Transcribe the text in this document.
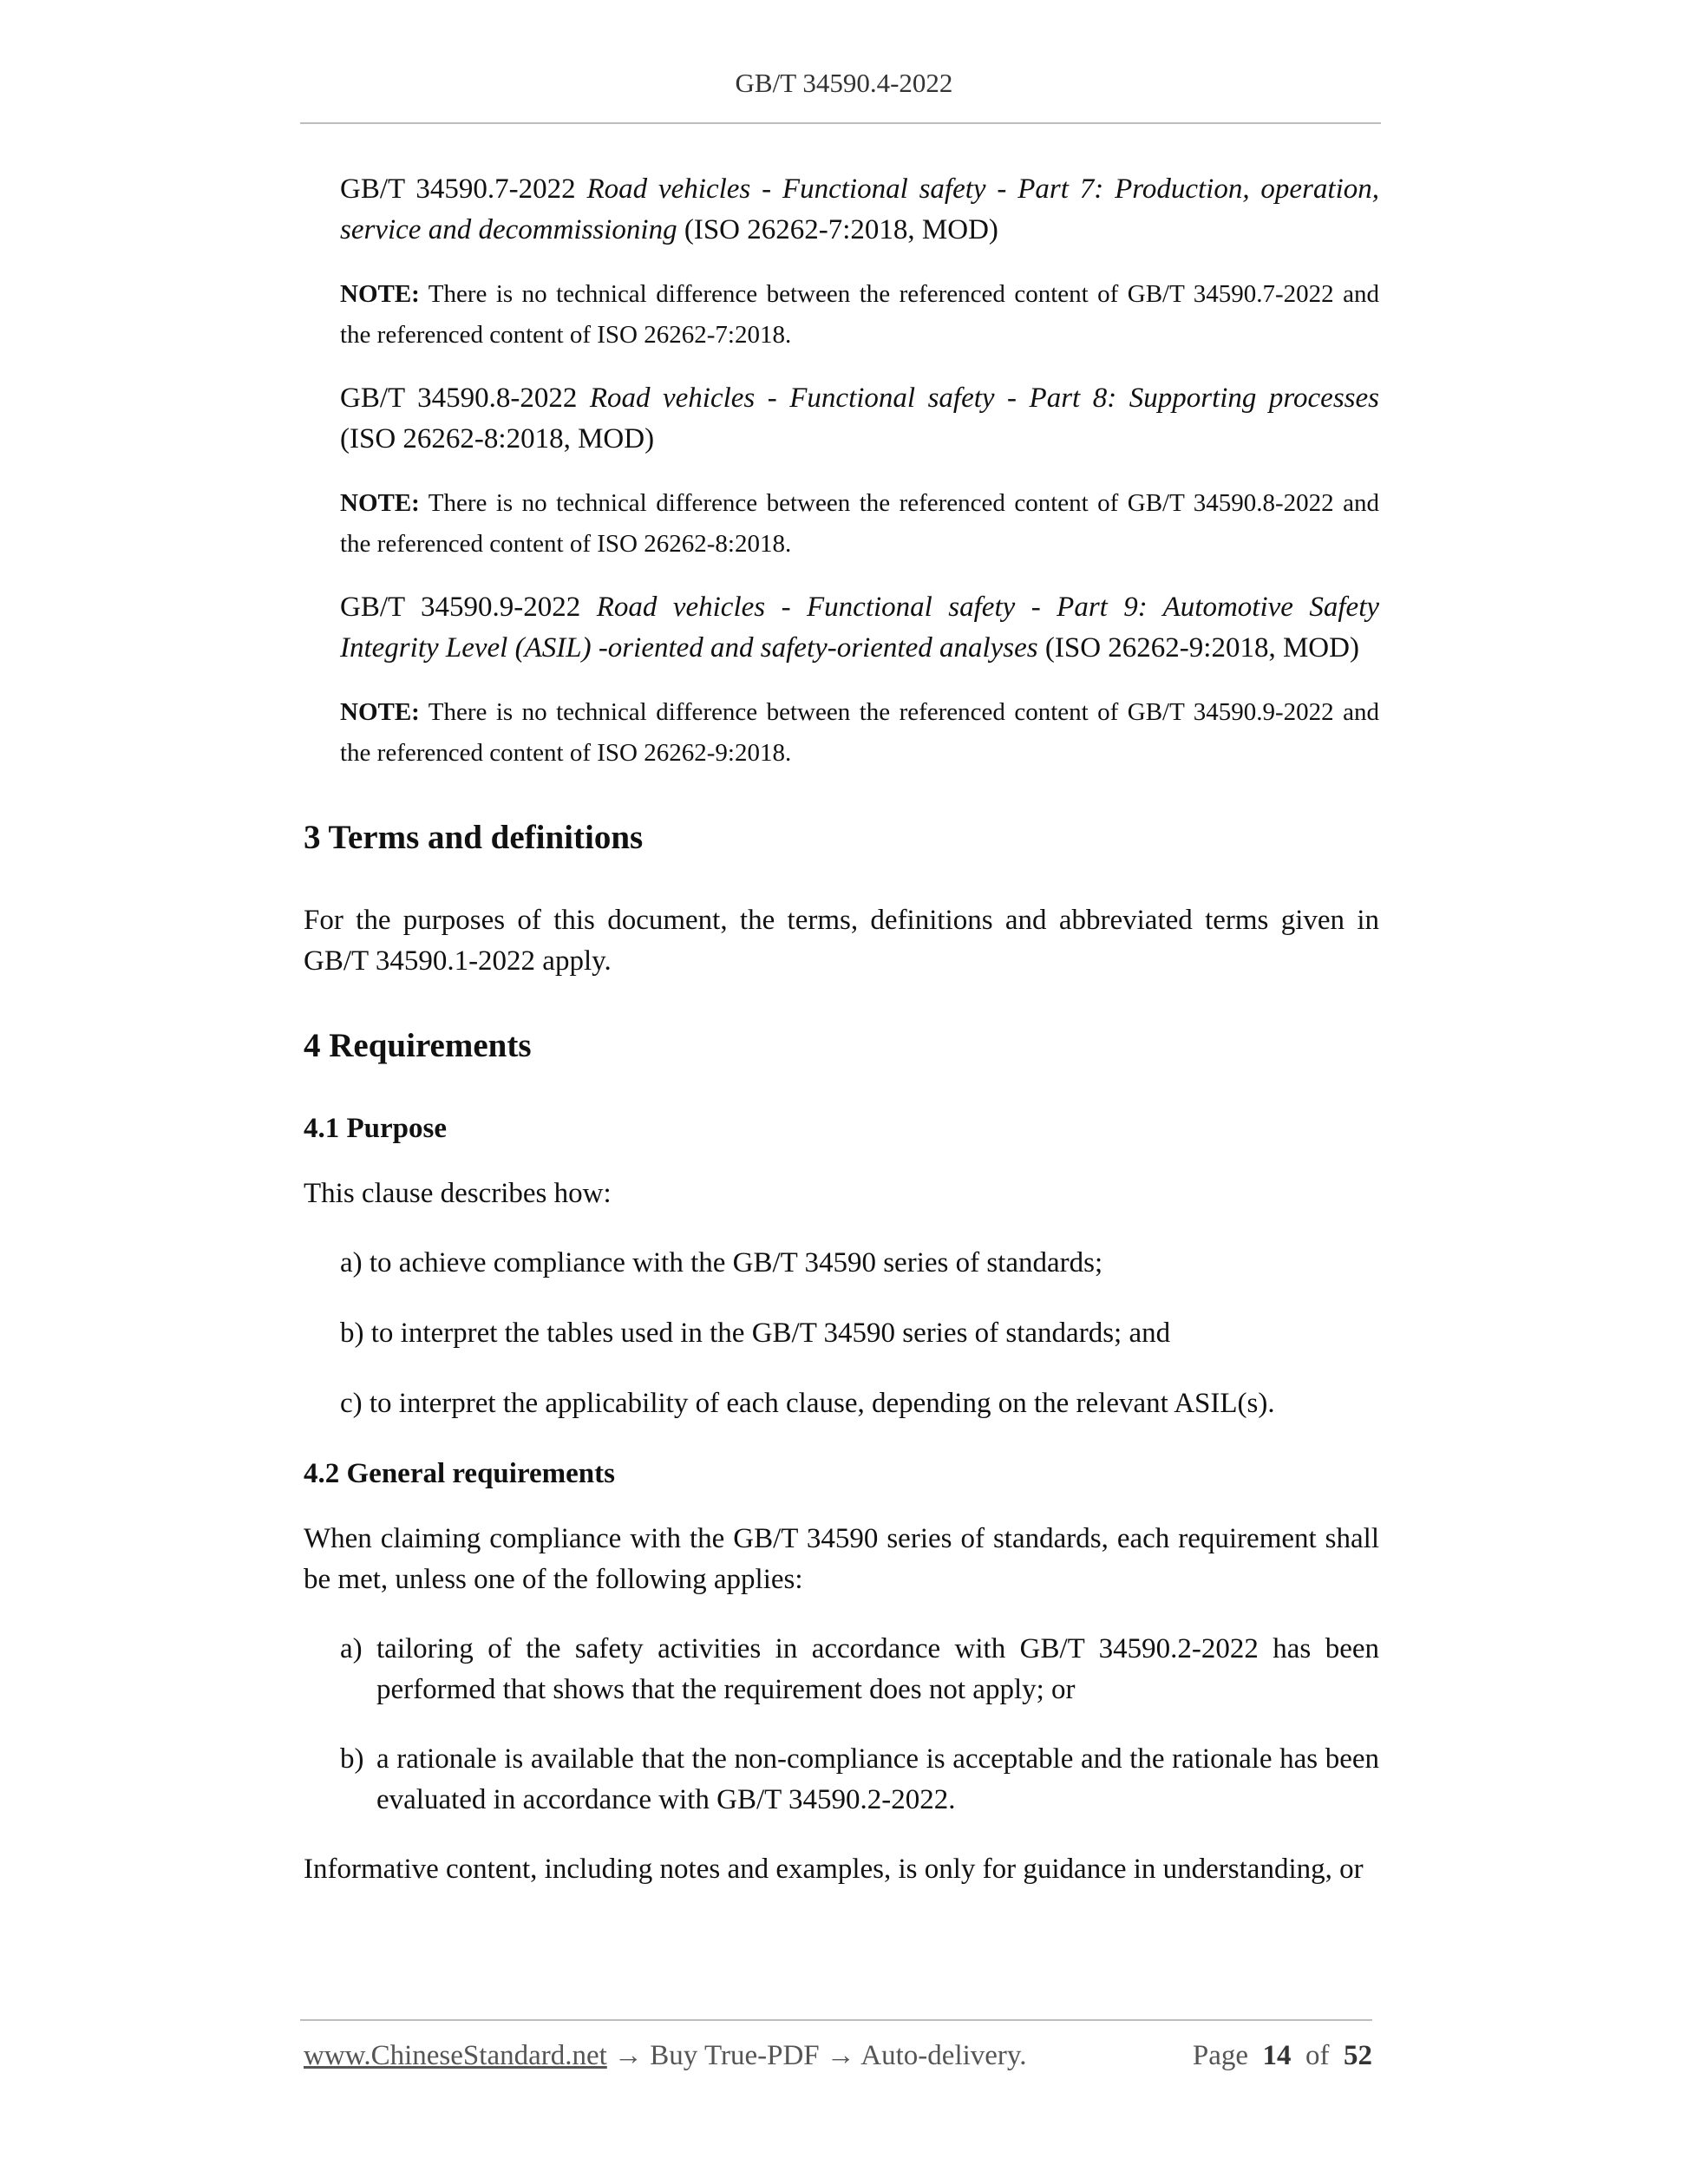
GB/T 34590.4-2022

GB/T 34590.7-2022 Road vehicles - Functional safety - Part 7: Production, operation, service and decommissioning (ISO 26262-7:2018, MOD)

NOTE: There is no technical difference between the referenced content of GB/T 34590.7-2022 and the referenced content of ISO 26262-7:2018.

GB/T 34590.8-2022 Road vehicles - Functional safety - Part 8: Supporting processes (ISO 26262-8:2018, MOD)

NOTE: There is no technical difference between the referenced content of GB/T 34590.8-2022 and the referenced content of ISO 26262-8:2018.

GB/T 34590.9-2022 Road vehicles - Functional safety - Part 9: Automotive Safety Integrity Level (ASIL) -oriented and safety-oriented analyses (ISO 26262-9:2018, MOD)

NOTE: There is no technical difference between the referenced content of GB/T 34590.9-2022 and the referenced content of ISO 26262-9:2018.

3 Terms and definitions

For the purposes of this document, the terms, definitions and abbreviated terms given in GB/T 34590.1-2022 apply.

4 Requirements
4.1 Purpose

This clause describes how:

a) to achieve compliance with the GB/T 34590 series of standards;

b) to interpret the tables used in the GB/T 34590 series of standards; and

c) to interpret the applicability of each clause, depending on the relevant ASIL(s).

4.2 General requirements

When claiming compliance with the GB/T 34590 series of standards, each requirement shall be met, unless one of the following applies:

a) tailoring of the safety activities in accordance with GB/T 34590.2-2022 has been performed that shows that the requirement does not apply; or
b) a rationale is available that the non-compliance is acceptable and the rationale has been evaluated in accordance with GB/T 34590.2-2022.

Informative content, including notes and examples, is only for guidance in understanding, or

www.ChineseStandard.net → Buy True-PDF → Auto-delivery.	Page 14 of 52
